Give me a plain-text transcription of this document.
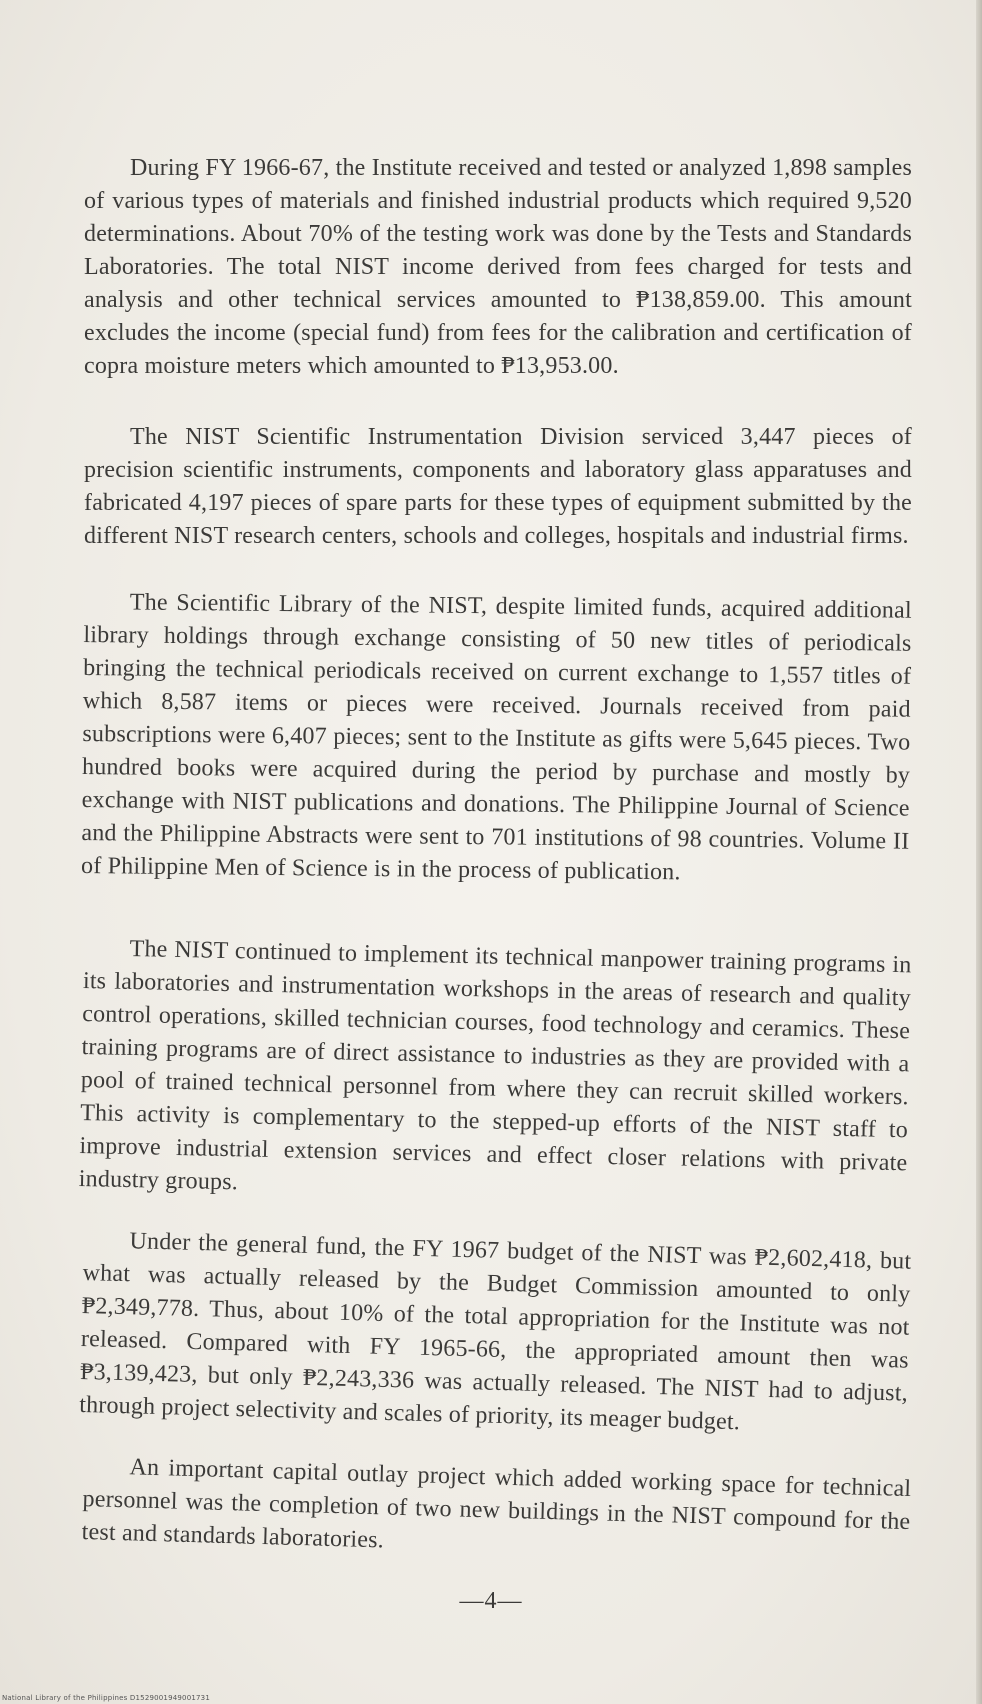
During FY 1966-67, the Institute received and tested or analyzed 1,898 samples of various types of materials and finished industrial products which required 9,520 determinations. About 70% of the testing work was done by the Tests and Standards Laboratories. The total NIST income derived from fees charged for tests and analysis and other technical services amounted to ₱138,859.00. This amount excludes the income (special fund) from fees for the calibration and certification of copra moisture meters which amounted to ₱13,953.00.

The NIST Scientific Instrumentation Division serviced 3,447 pieces of precision scientific instruments, components and laboratory glass apparatuses and fabricated 4,197 pieces of spare parts for these types of equipment submitted by the different NIST research centers, schools and colleges, hospitals and industrial firms.

The Scientific Library of the NIST, despite limited funds, acquired additional library holdings through exchange consisting of 50 new titles of periodicals bringing the technical periodicals received on current exchange to 1,557 titles of which 8,587 items or pieces were received. Journals received from paid subscriptions were 6,407 pieces; sent to the Institute as gifts were 5,645 pieces. Two hundred books were acquired during the period by purchase and mostly by exchange with NIST publications and donations. The Philippine Journal of Science and the Philippine Abstracts were sent to 701 institutions of 98 countries. Volume II of Philippine Men of Science is in the process of publication.

The NIST continued to implement its technical manpower training programs in its laboratories and instrumentation workshops in the areas of research and quality control operations, skilled technician courses, food technology and ceramics. These training programs are of direct assistance to industries as they are provided with a pool of trained technical personnel from where they can recruit skilled workers. This activity is complementary to the stepped-up efforts of the NIST staff to improve industrial extension services and effect closer relations with private industry groups.

Under the general fund, the FY 1967 budget of the NIST was ₱2,602,418, but what was actually released by the Budget Commission amounted to only ₱2,349,778. Thus, about 10% of the total appropriation for the Institute was not released. Compared with FY 1965-66, the appropriated amount then was ₱3,139,423, but only ₱2,243,336 was actually released. The NIST had to adjust, through project selectivity and scales of priority, its meager budget.

An important capital outlay project which added working space for technical personnel was the completion of two new buildings in the NIST compound for the test and standards laboratories.

—4—
National Library of the Philippines D1529001949001731
